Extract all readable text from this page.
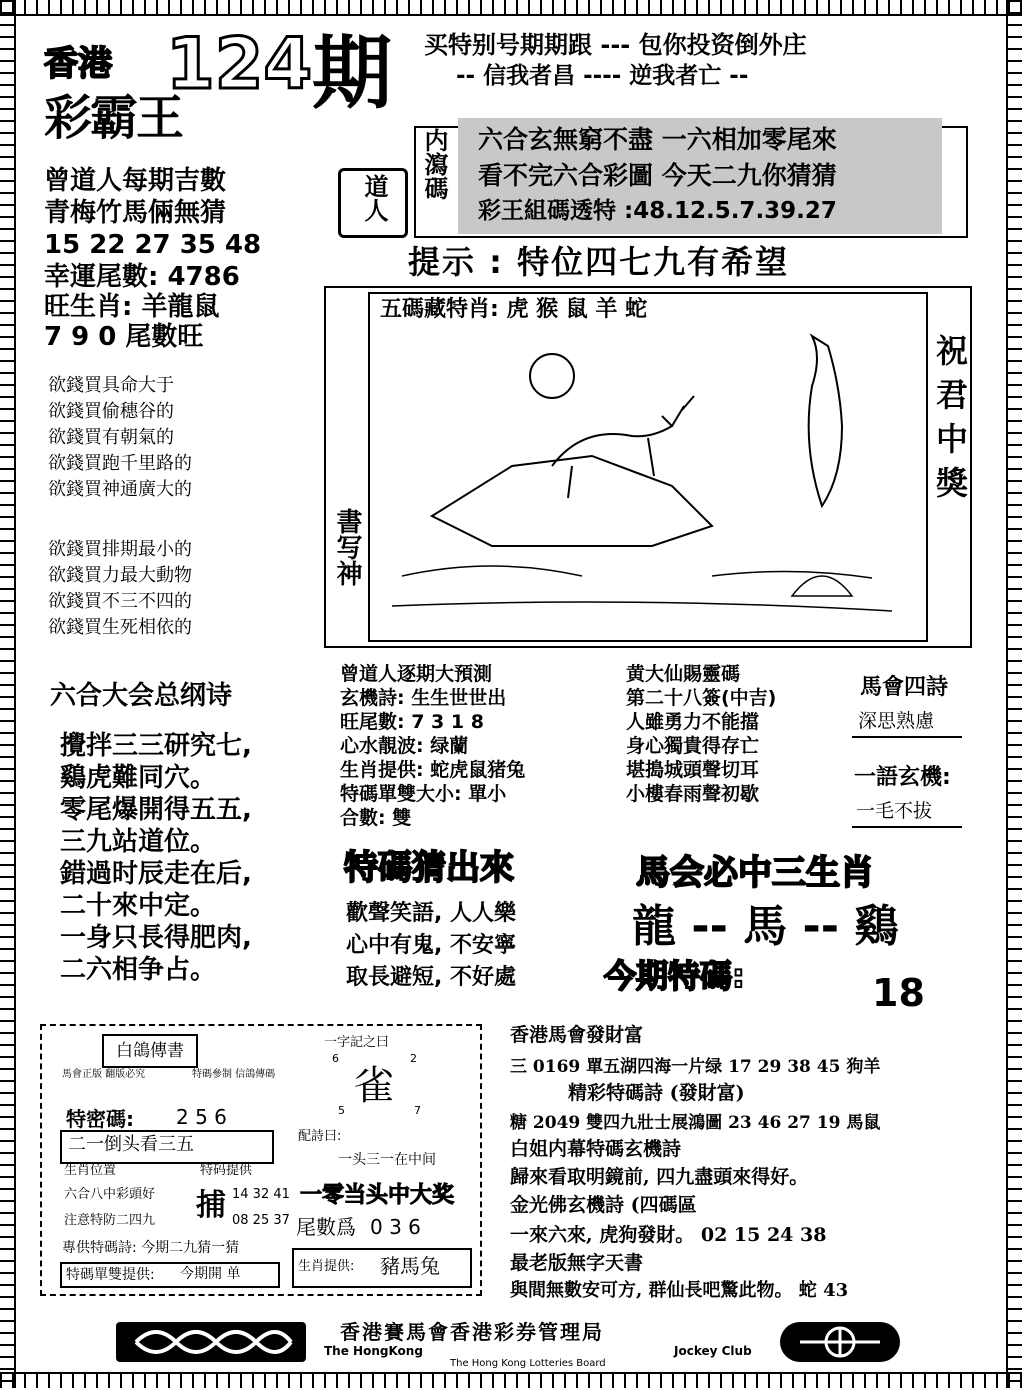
香港 124 期
彩霸王
买特别号期期跟 --- 包你投资倒外庄
-- 信我者昌 ---- 逆我者亡 --
内瀉碼 六合玄無窮不盡 一六相加零尾來
看不完六合彩圖 今天二九你猜猜
彩王組碼透特 :48.12.5.7.39.27
道人
曾道人每期吉數
青梅竹馬倆無猜
15 22 27 35 48
幸運尾數: 4786
旺生肖: 羊龍鼠
7 9 0 尾數旺
欲錢買具命大于
欲錢買偷穗谷的
欲錢買有朝氣的
欲錢買跑千里路的
欲錢買神通廣大的
欲錢買排期最小的
欲錢買力最大動物
欲錢買不三不四的
欲錢買生死相依的
提示 : 特位四七九有希望
五碼藏特肖: 虎 猴 鼠 羊 蛇
書写神
祝君中獎
六合大会总纲诗
攪拌三三研究七,
鷄虎難同穴。
零尾爆開得五五,
三九站道位。
錯過时辰走在后,
二十來中定。
一身只長得肥肉,
二六相争占。
曾道人逐期大預測
玄機詩: 生生世世出
旺尾數: 7 3 1 8
心水靚波: 绿蘭
生肖提供: 蛇虎鼠猪兔
特碼單雙大小: 單小
合數: 雙
黄大仙賜靈碼
第二十八簽(中吉)
人雖勇力不能擋
身心獨貴得存亡
堪搗城頭聲切耳
小樓春雨聲初歇
馬會四詩
深思熟慮
一語玄機:
一毛不拔
特碼猜出來
歡聲笑語, 人人樂
心中有鬼, 不安寧
取長避短, 不好處
馬会必中三生肖
龍 -- 馬 -- 鷄
今期特碼:	18
白鴿傳書
馬會正版 翻版必究	特碼參制 信鴿傳碼
特密碼: 2 5 6
二一倒头看三五
生肖位置
六合八中彩頭好
注意特防二四九
特码提供
捕 14 32 41
08 25 37
專供特碼詩: 今期二九猜一猜
特碼單雙提供:	今期開 单
一字記之曰
6	2
雀
5	7
配詩曰:
一头三一在中间
一零当头中大奖
尾數爲 0 3 6
生肖提供: 豬馬兔
香港馬會發財富
三 0169 單五湖四海一片绿 17 29 38 45 狗羊
精彩特碼詩 (發財富)
糖 2049 雙四九壯士展鴻圖 23 46 27 19 馬鼠
白姐内幕特碼玄機詩
歸來看取明鏡前, 四九盡頭來得好。
金光佛玄機詩 (四碼區
一來六來, 虎狗發財。 02 15 24 38
最老版無字天書
與間無數安可方, 群仙長吧驚此物。 蛇 43
香港賽馬會香港彩券管理局
The HongKong	Jockey Club
The Hong Kong Lotteries Board
